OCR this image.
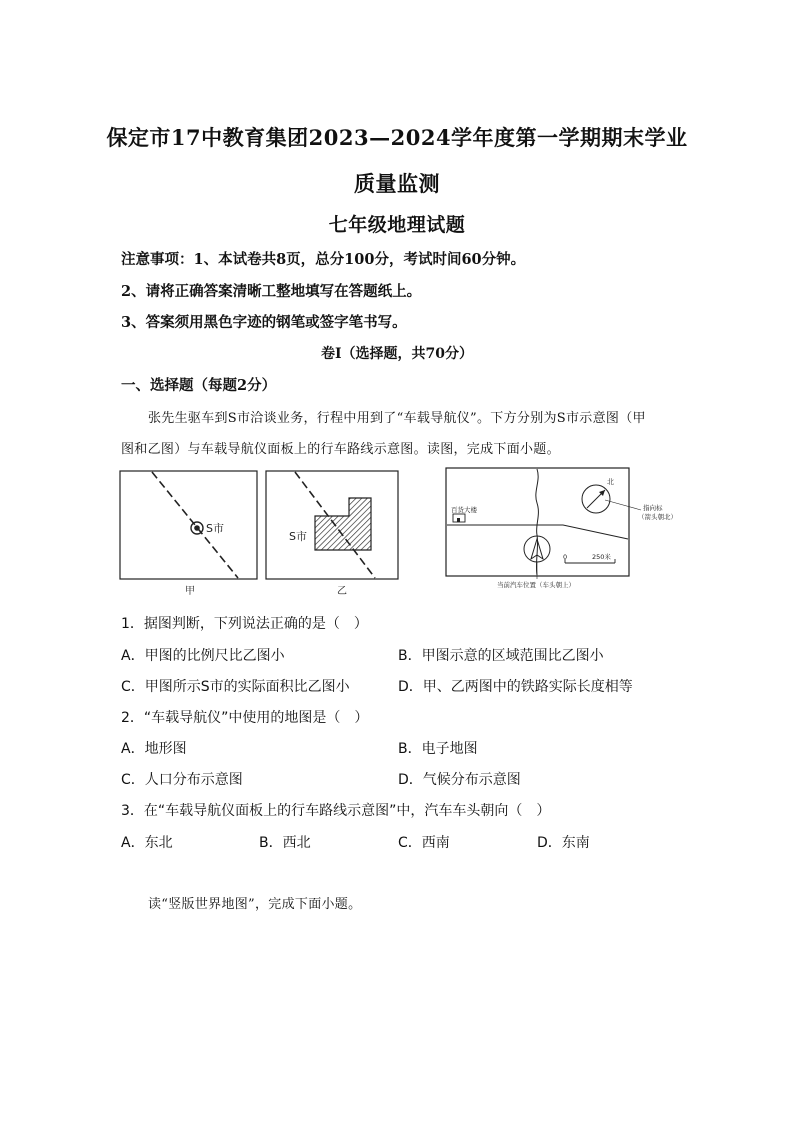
保定市17中教育集团2023—2024学年度第一学期期末学业
质量监测
七年级地理试题
注意事项：1、本试卷共8页，总分100分，考试时间60分钟。
2、请将正确答案清晰工整地填写在答题纸上。
3、答案须用黑色字迹的钢笔或签字笔书写。
卷Ⅰ（选择题，共70分）
一、选择题（每题2分）
张先生驱车到S市洽谈业务，行程中用到了“车载导航仪”。下方分别为S市示意图（甲
图和乙图）与车载导航仪面板上的行车路线示意图。读图，完成下面小题。
S市
甲
S市
乙
百货大楼
北
指向标
（箭头朝北）
当前汽车位置（车头朝上）
0	250米
1．据图判断，下列说法正确的是（　）
A．甲图的比例尺比乙图小	B．甲图示意的区域范围比乙图小
C．甲图所示S市的实际面积比乙图小	D．甲、乙两图中的铁路实际长度相等
2．“车载导航仪”中使用的地图是（　）
A．地形图	B．电子地图
C．人口分布示意图	D．气候分布示意图
3．在“车载导航仪面板上的行车路线示意图”中，汽车车头朝向（　）
A．东北	B．西北	C．西南	D．东南
读“竖版世界地图”，完成下面小题。
